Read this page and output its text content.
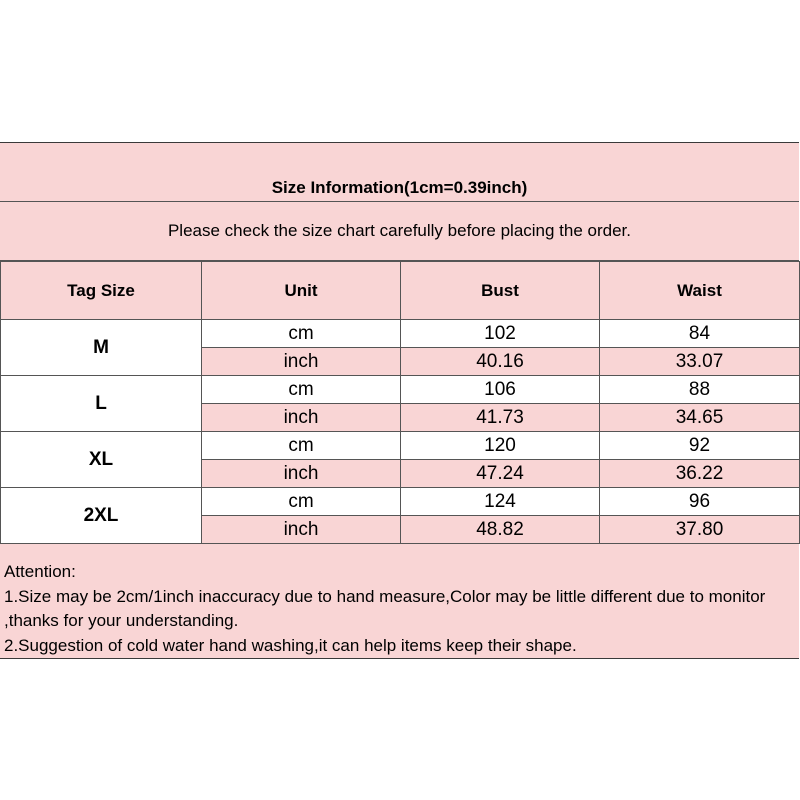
Size Information(1cm=0.39inch)
Please check the size chart carefully before placing the order.
Tag Size	Unit	Bust	Waist
M	cm	102	84
	inch	40.16	33.07
L	cm	106	88
	inch	41.73	34.65
XL	cm	120	92
	inch	47.24	36.22
2XL	cm	124	96
	inch	48.82	37.80

Attention:

1.Size may be 2cm/1inch inaccuracy due to hand measure,Color may be little different due to monitor ,thanks for your understanding.

2.Suggestion of cold water hand washing,it can help items keep their shape.
